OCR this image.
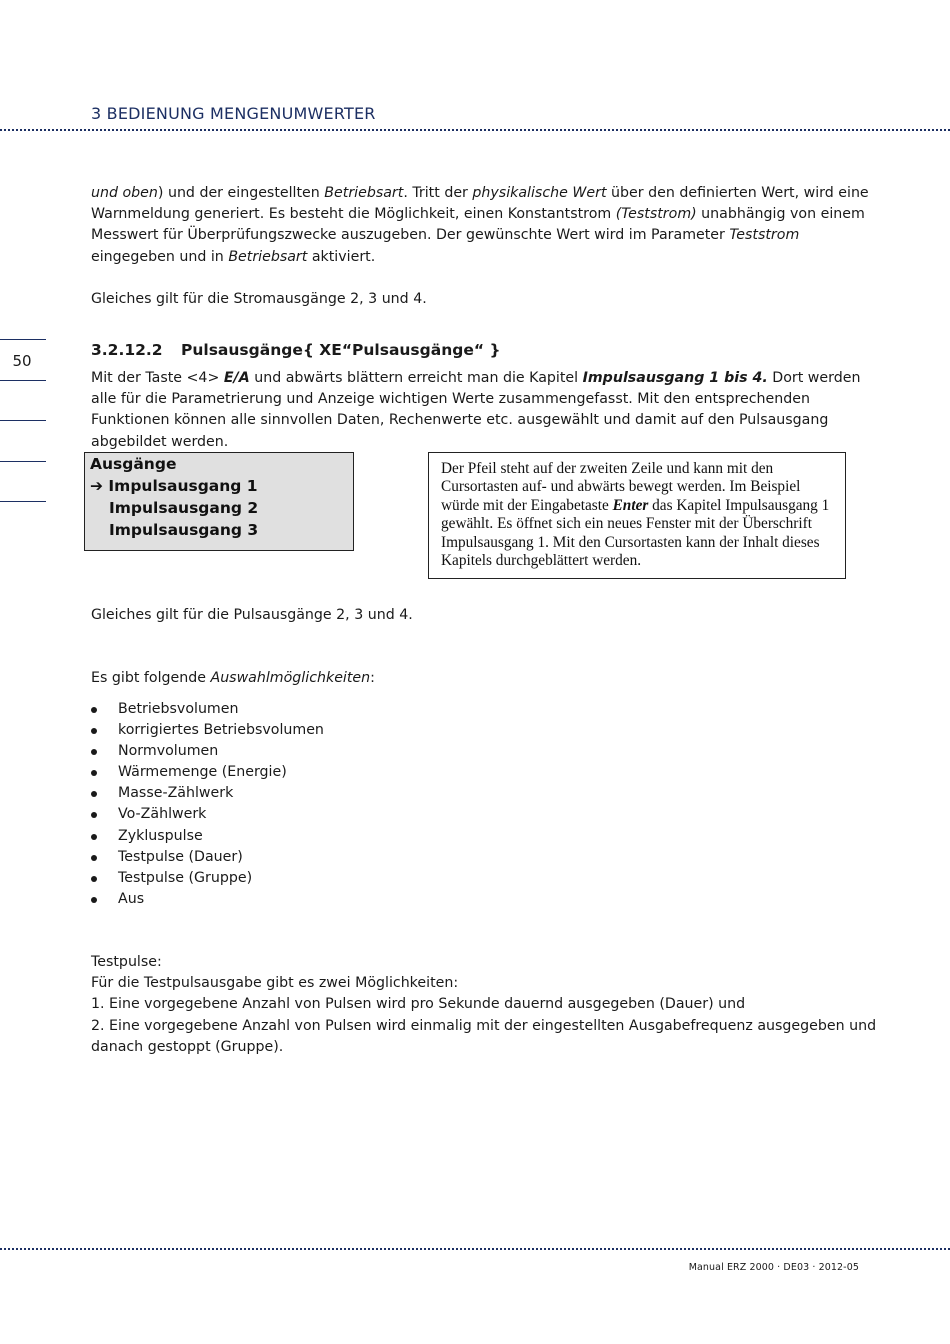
3 BEDIENUNG MENGENUMWERTER
50
und oben) und der eingestellten Betriebsart. Tritt der physikalische Wert über den definierten Wert, wird eine Warnmeldung generiert. Es besteht die Möglichkeit, einen Konstantstrom (Teststrom) unabhängig von einem Messwert für Überprüfungszwecke auszugeben. Der gewünschte Wert wird im Parameter Teststrom eingegeben und in Betriebsart aktiviert.
Gleiches gilt für die Stromausgänge 2, 3 und 4.
3.2.12.2 Pulsausgänge{ XE“Pulsausgänge“ }
Mit der Taste <4> E/A und abwärts blättern erreicht man die Kapitel Impulsausgang 1 bis 4. Dort werden alle für die Parametrierung und Anzeige wichtigen Werte zusammengefasst. Mit den entsprechenden Funktionen können alle sinnvollen Daten, Rechenwerte etc. ausgewählt und damit auf den Pulsausgang abgebildet werden.
Ausgänge
➔ Impulsausgang 1
Impulsausgang 2
Impulsausgang 3
Der Pfeil steht auf der zweiten Zeile und kann mit den Cursortasten auf- und abwärts bewegt werden. Im Beispiel würde mit der Eingabetaste Enter das Kapitel Impulsausgang 1 gewählt. Es öffnet sich ein neues Fenster mit der Überschrift Impulsausgang 1. Mit den Cursortasten kann der Inhalt dieses Kapitels durchgeblättert werden.
Gleiches gilt für die Pulsausgänge 2, 3 und 4.
Es gibt folgende Auswahlmöglichkeiten:
Betriebsvolumen
korrigiertes Betriebsvolumen
Normvolumen
Wärmemenge (Energie)
Masse-Zählwerk
Vo-Zählwerk
Zykluspulse
Testpulse (Dauer)
Testpulse (Gruppe)
Aus
Testpulse:
Für die Testpulsausgabe gibt es zwei Möglichkeiten:
1. Eine vorgegebene Anzahl von Pulsen wird pro Sekunde dauernd ausgegeben (Dauer) und
2. Eine vorgegebene Anzahl von Pulsen wird einmalig mit der eingestellten Ausgabefrequenz ausgegeben und danach gestoppt (Gruppe).
Manual ERZ 2000 · DE03 · 2012-05
